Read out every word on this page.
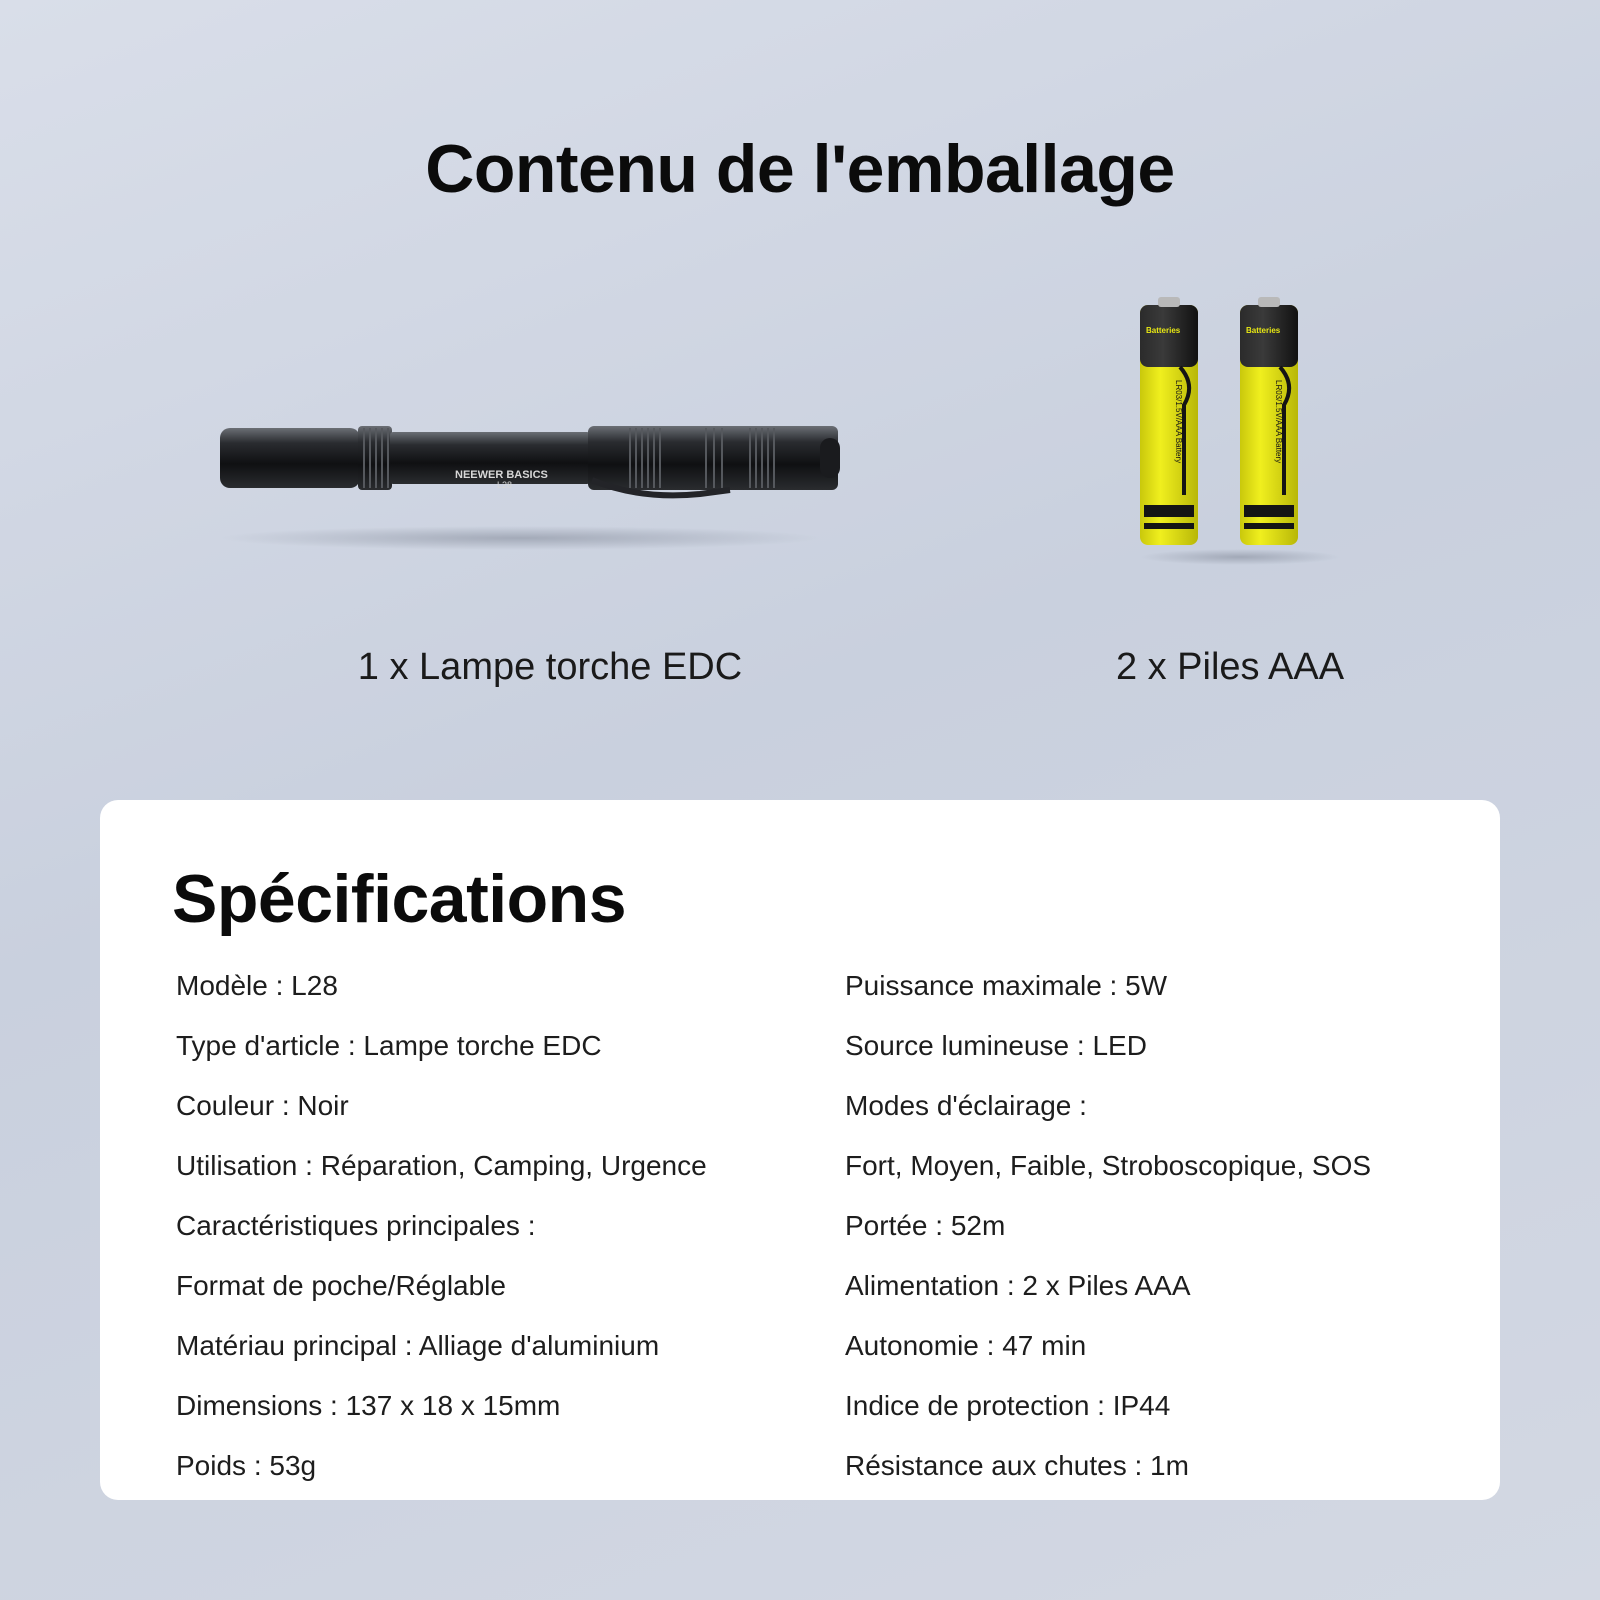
Contenu de l'emballage
NEEWER BASICS
L28
1 x Lampe torche EDC
Batteries
LR03/1.5V/AAA Battery
Batteries
LR03/1.5V/AAA Battery
2 x Piles AAA
Spécifications
Modèle : L28
Type d'article : Lampe torche EDC
Couleur : Noir
Utilisation : Réparation, Camping, Urgence
Caractéristiques principales :
Format de poche/Réglable
Matériau principal : Alliage d'aluminium
Dimensions : 137 x 18 x 15mm
Poids : 53g
Puissance maximale : 5W
Source lumineuse : LED
Modes d'éclairage :
Fort, Moyen, Faible, Stroboscopique, SOS
Portée : 52m
Alimentation : 2 x Piles AAA
Autonomie : 47 min
Indice de protection : IP44
Résistance aux chutes : 1m
